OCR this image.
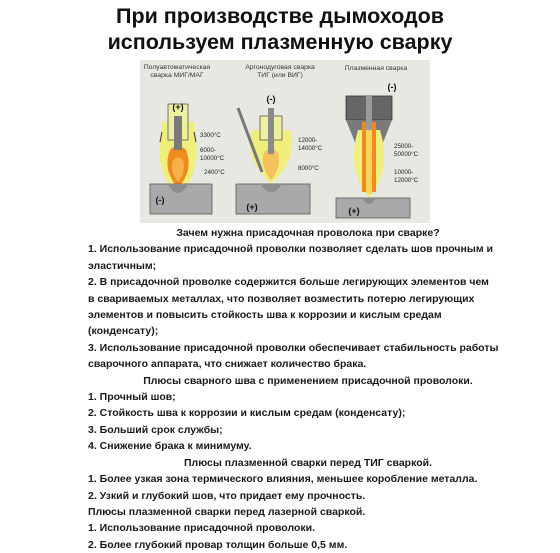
При производстве дымоходов
используем плазменную сварку
Полуавтоматическая
сварка МИГ/МАГ
(+)
(-)
3300°C
6000-
10000°C
2400°C
Аргонодуговая сварка
ТИГ (или ВИГ)
(-)
(+)
12000-
14000°C
8000°C
Плазменная сварка
(-)
(+)
25000-
50000°C
10000-
12000°C
Зачем нужна присадочная проволока при сварке?
1. Использование присадочной проволки позволяет сделать шов прочным и
эластичным;
2. В присадочной проволке содержится больше легирующих элементов чем
в свариваемых металлах, что позволяет возместить потерю легирующих
элементов и повысить стойкость шва к коррозии и кислым средам
(конденсату);
3. Использование присадочной проволки обеспечивает стабильность работы
сварочного аппарата, что снижает количество брака.
Плюсы сварного шва с применением присадочной проволоки.
1. Прочный шов;
2. Стойкость шва к коррозии и кислым средам (конденсату);
3. Больший срок службы;
4. Снижение брака к минимуму.
Плюсы плазменной сварки перед ТИГ сваркой.
1. Более узкая зона термического влияния, меньшее коробление металла.
2. Узкий и глубокий шов, что придает ему прочность.
Плюсы плазменной сварки перед лазерной сваркой.
1. Использование присадочной проволоки.
2. Более глубокий провар толщин больше 0,5 мм.
